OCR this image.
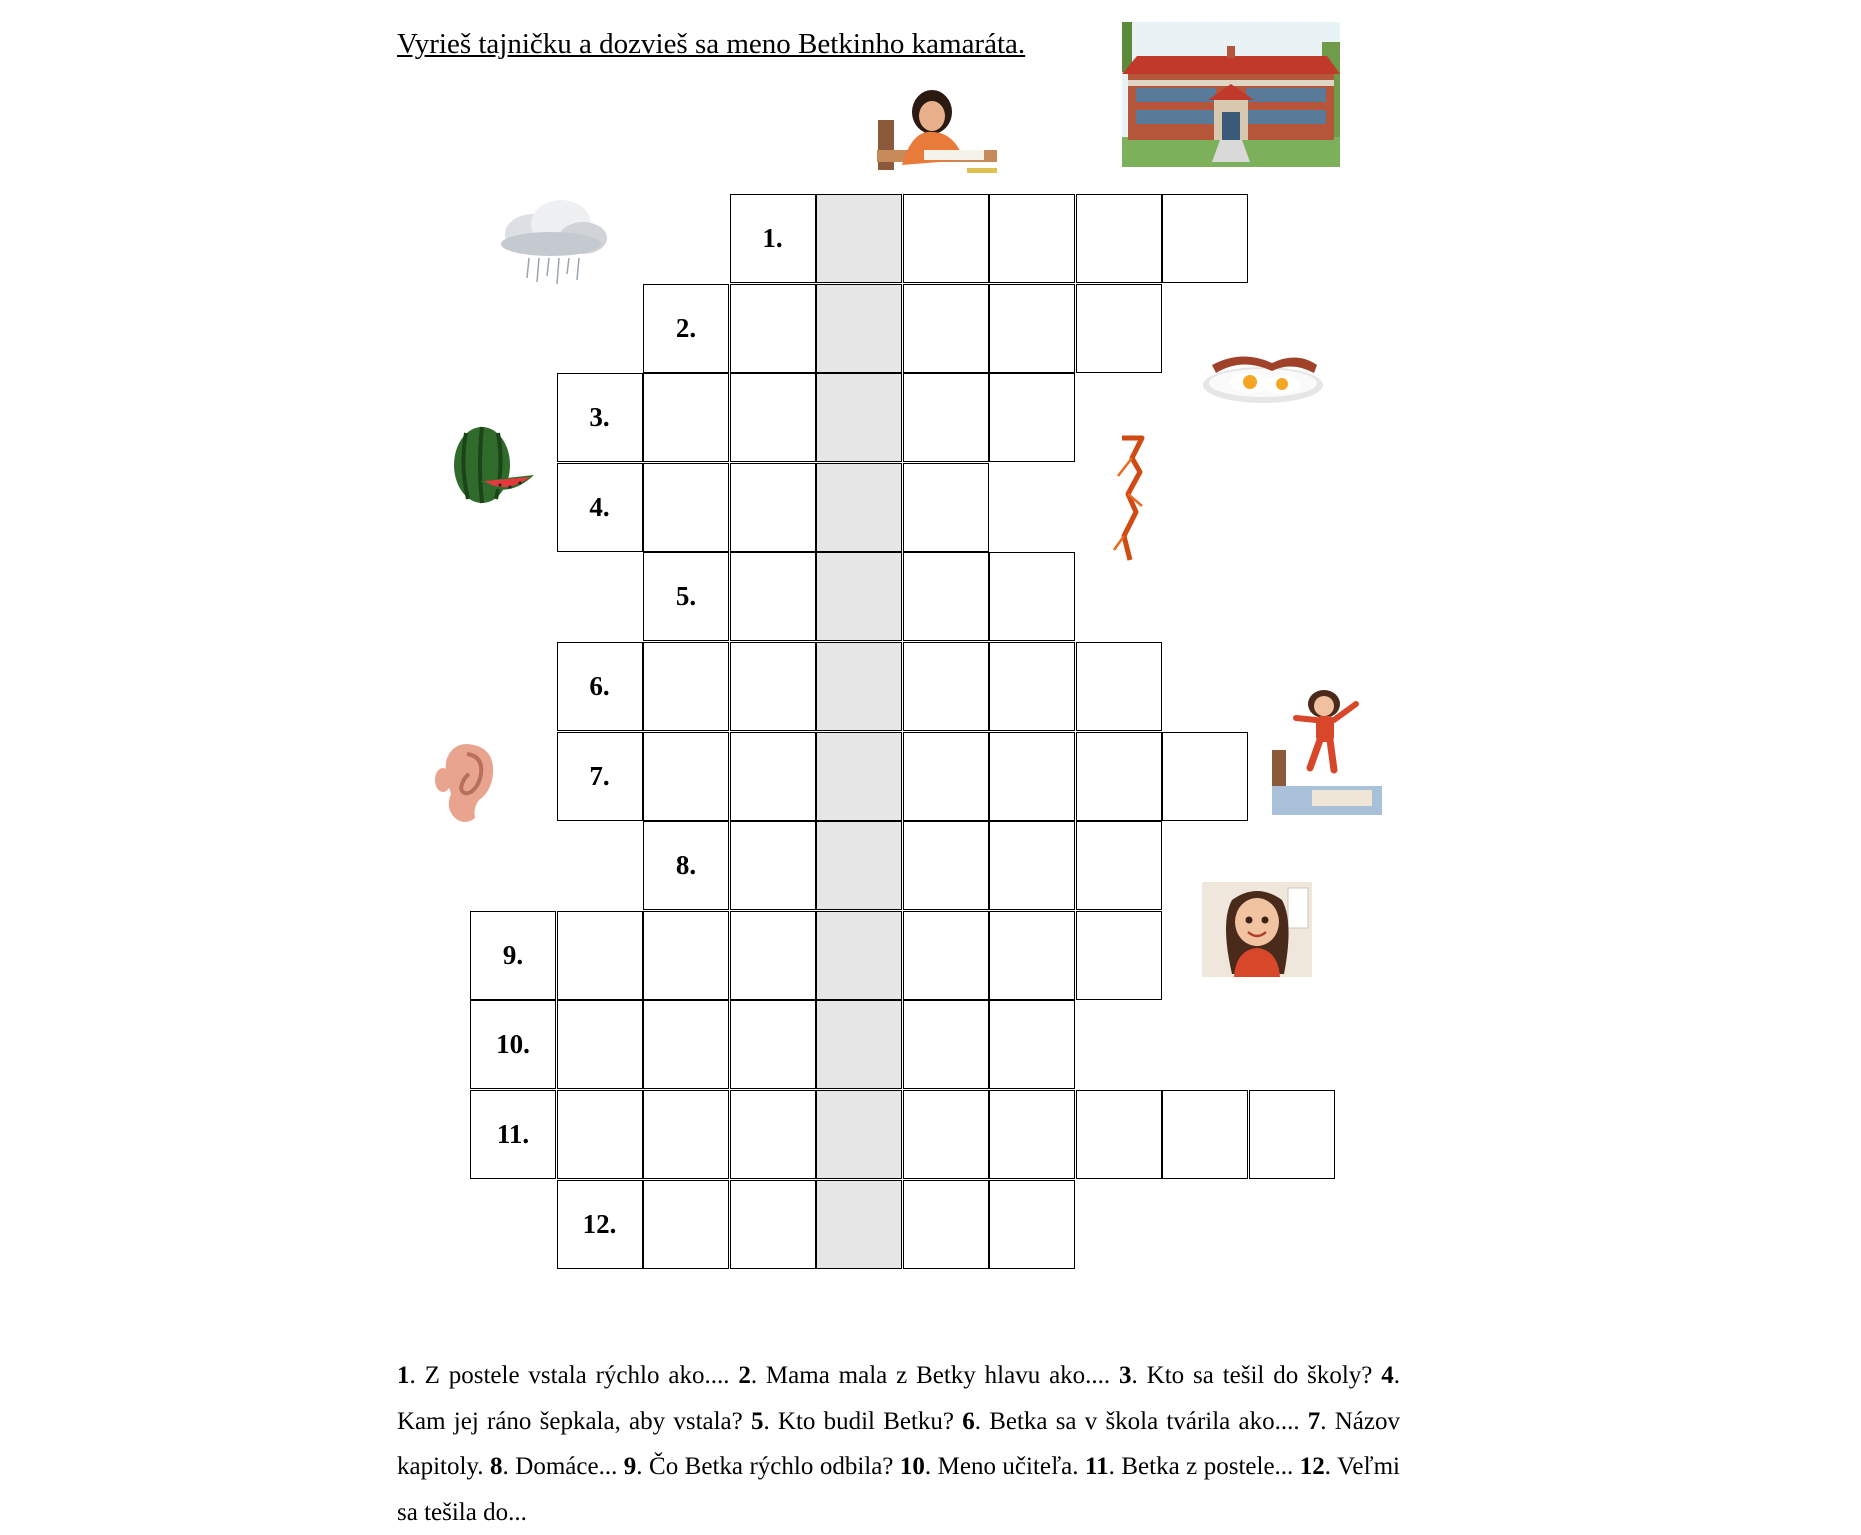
Vyrieš tajničku a dozvieš sa meno Betkinho kamaráta.
1.
2.
3.
4.
5.
6.
7.
8.
9.
10.
11.
12.
1. Z postele vstala rýchlo ako.... 2. Mama mala z Betky hlavu ako.... 3. Kto sa tešil do školy? 4. Kam jej ráno šepkala, aby vstala? 5. Kto budil Betku? 6. Betka sa v škola tvárila ako.... 7. Názov kapitoly. 8. Domáce... 9. Čo Betka rýchlo odbila? 10. Meno učiteľa. 11. Betka z postele... 12. Veľmi sa tešila do...
